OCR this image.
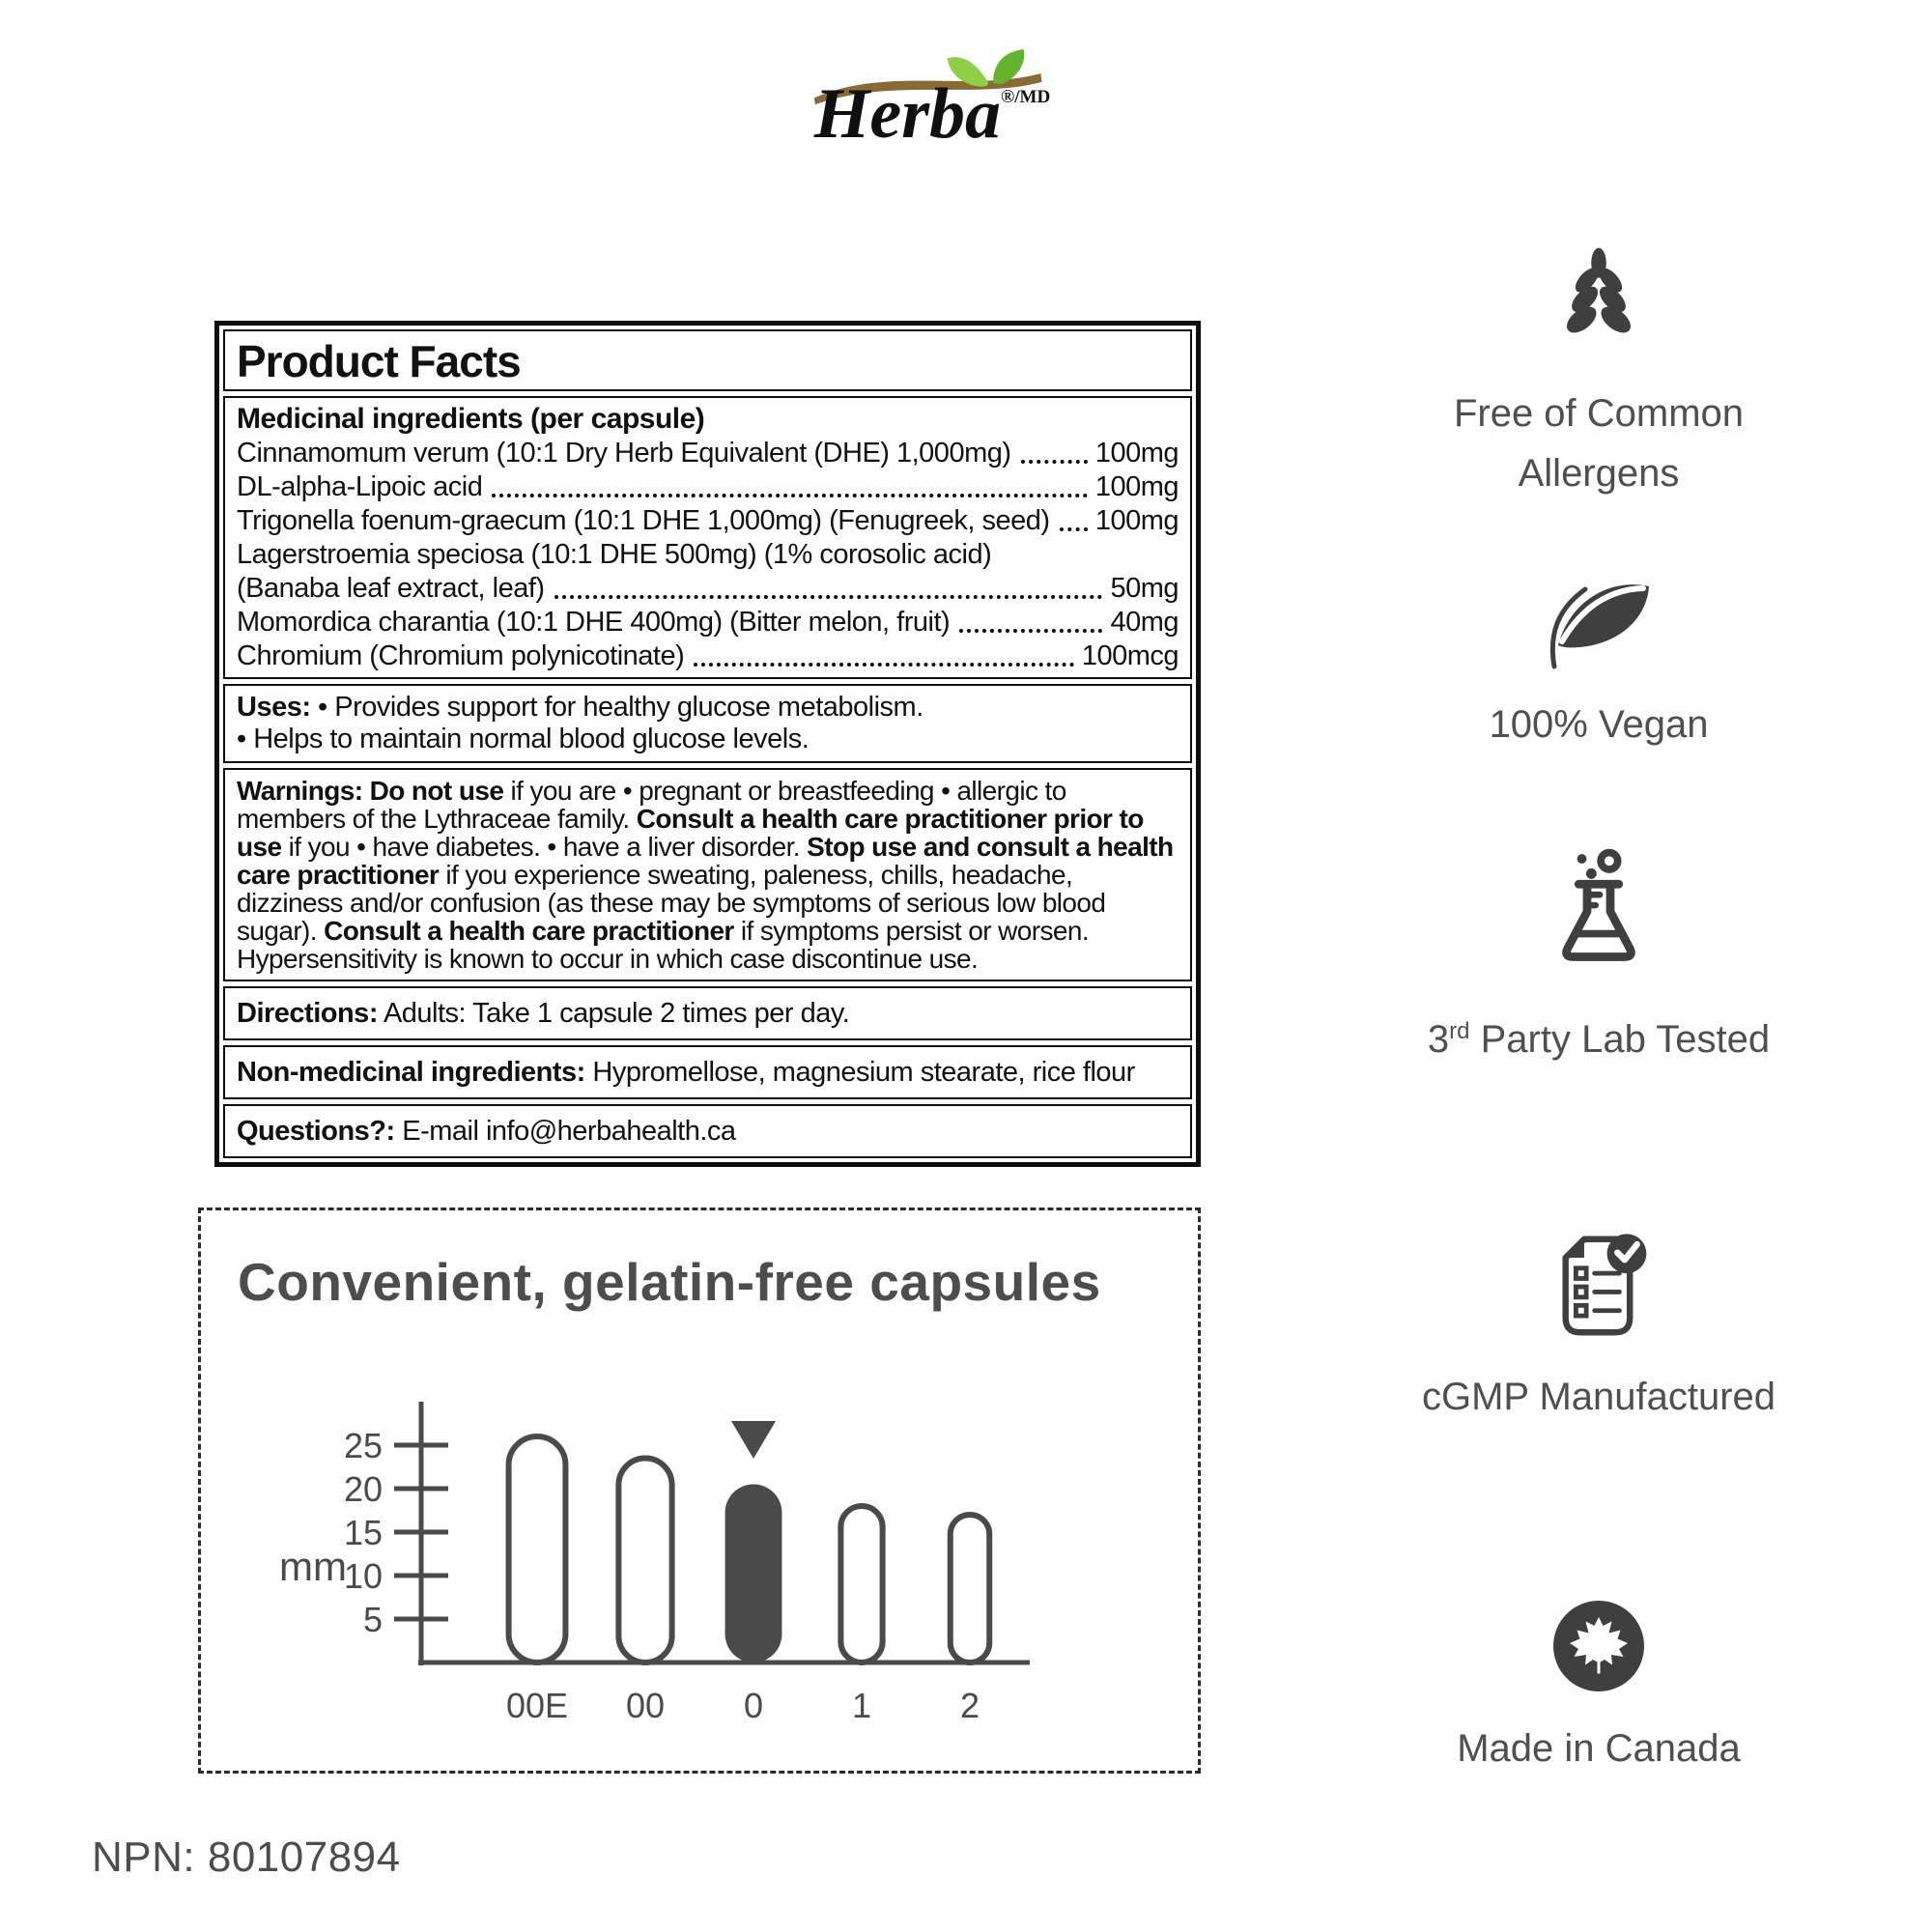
Herba$^{®/MD}$
Product Facts
Medicinal ingredients (per capsule)
Cinnamomum verum (10:1 Dry Herb Equivalent (DHE) 1,000mg)	100mg
DL-alpha-Lipoic acid	100mg
Trigonella foenum-graecum (10:1 DHE 1,000mg) (Fenugreek, seed) 100mg
Lagerstroemia speciosa (10:1 DHE 500mg) (1% corosolic acid)
(Banaba leaf extract, leaf)	50mg
Momordica charantia (10:1 DHE 400mg) (Bitter melon, fruit)	40mg
Chromium (Chromium polynicotinate)	100mcg
Uses: • Provides support for healthy glucose metabolism.
• Helps to maintain normal blood glucose levels.
Warnings: Do not use if you are • pregnant or breastfeeding • allergic to members of the Lythraceae family. Consult a health care practitioner prior to use if you • have diabetes. • have a liver disorder. Stop use and consult a health care practitioner if you experience sweating, paleness, chills, headache, dizziness and/or confusion (as these may be symptoms of serious low blood sugar). Consult a health care practitioner if symptoms persist or worsen. Hypersensitivity is known to occur in which case discontinue use.
Directions: Adults: Take 1 capsule 2 times per day.
Non-medicinal ingredients: Hypromellose, magnesium stearate, rice flour
Questions?: E-mail info@herbahealth.ca
Free of Common Allergens
100% Vegan
3rd Party Lab Tested
cGMP Manufactured
Made in Canada
Convenient, gelatin-free capsules
5
10
15
20
25
mm
00E 00 0	1	2
NPN: 80107894
